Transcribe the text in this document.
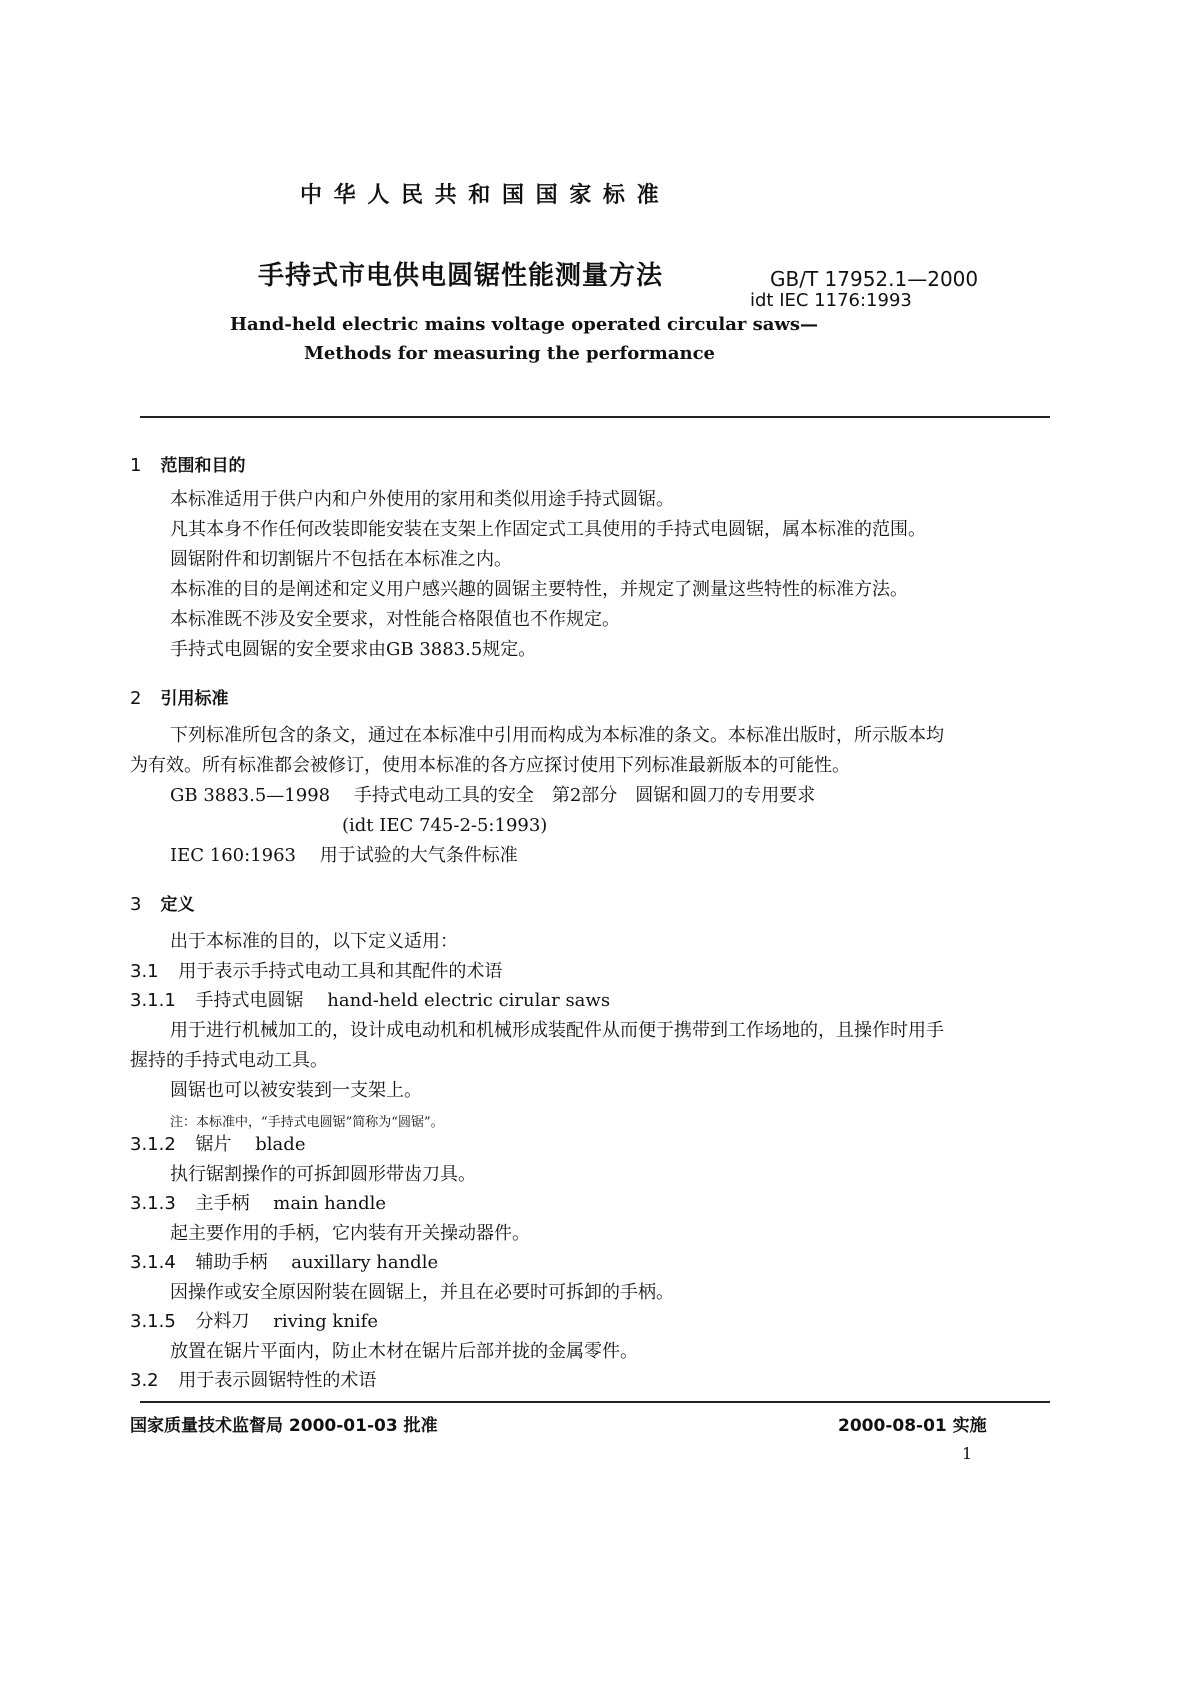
中 华 人 民 共 和 国 国 家 标 准
手持式市电供电圆锯性能测量方法	GB/T 17952.1—2000
idt IEC 1176:1993
Hand-held electric mains voltage operated circular saws—
Methods for measuring the performance
1 范围和目的
本标准适用于供户内和户外使用的家用和类似用途手持式圆锯。
凡其本身不作任何改装即能安装在支架上作固定式工具使用的手持式电圆锯，属本标准的范围。
圆锯附件和切割锯片不包括在本标准之内。
本标准的目的是阐述和定义用户感兴趣的圆锯主要特性，并规定了测量这些特性的标准方法。
本标准既不涉及安全要求，对性能合格限值也不作规定。
手持式电圆锯的安全要求由GB 3883.5规定。
2 引用标准
下列标准所包含的条文，通过在本标准中引用而构成为本标准的条文。本标准出版时，所示版本均
为有效。所有标准都会被修订，使用本标准的各方应探讨使用下列标准最新版本的可能性。
GB 3883.5—1998 手持式电动工具的安全　第2部分　圆锯和圆刀的专用要求
(idt IEC 745-2-5:1993)
IEC 160:1963 用于试验的大气条件标准
3 定义
出于本标准的目的，以下定义适用：
3.1 用于表示手持式电动工具和其配件的术语
3.1.1 手持式电圆锯 hand-held electric cirular saws
用于进行机械加工的，设计成电动机和机械形成装配件从而便于携带到工作场地的，且操作时用手
握持的手持式电动工具。
圆锯也可以被安装到一支架上。
注：本标准中，“手持式电圆锯”简称为“圆锯”。
3.1.2 锯片 blade
执行锯割操作的可拆卸圆形带齿刀具。
3.1.3 主手柄 main handle
起主要作用的手柄，它内装有开关操动器件。
3.1.4 辅助手柄 auxillary handle
因操作或安全原因附装在圆锯上，并且在必要时可拆卸的手柄。
3.1.5 分料刀 riving knife
放置在锯片平面内，防止木材在锯片后部并拢的金属零件。
3.2 用于表示圆锯特性的术语
国家质量技术监督局 2000-01-03 批准	2000-08-01 实施
1
